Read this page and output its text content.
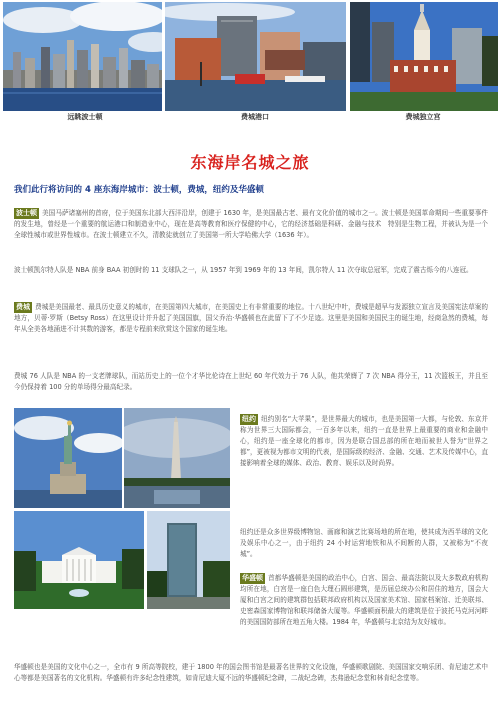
远眺波士顿	费城港口	费城独立宫
东海岸名城之旅
我们此行将访问的 4 座东海岸城市：波士顿，费城，纽约及华盛顿

波士顿 美国马萨诸塞州的首府，位于美国东北部大西洋沿岸，创建于 1630 年，是美国最古老、最有文化价值的城市之一。波士顿是美国革命期间一些重要事件的发生地，曾经是一个重要的航运港口和制造业中心，现在是高等教育和医疗保健的中心，它的经济基础是科研、金融与技术　特别是生物工程，并被认为是一个全球性城市或世界性城市。在波士顿建立不久，清教徒就创立了美国第一所大学哈佛大学（1636 年）。

波士顿凯尔特人队是 NBA 前身 BAA 初创时的 11 支球队之一，从 1957 年到 1969 年的 13 年间，凯尔特人 11 次夺取总冠军，完成了震古烁今的八连冠。

费城 费城是美国最老、最具历史意义的城市，在美国第四大城市，在美国史上有非常重要的地位。十八世纪中叶，费城是超早与发源独立宣言及美国宪法草案的地方，贝蒂·罗斯（Betsy Ross）在这里设计并升起了美国国旗，国父乔治·华盛顿也在此留下了不少足迹。这里是美国和美国民主的诞生地，经商急然的费城，每年从全美各地涌进不计其数的游客，都是专程前来欣赏这个国家的诞生地。

费城 76 人队是 NBA 的一支老牌球队，而站历史上的一位个才华比伦诗在上世纪 60 年代效力于 76 人队，他共荣膺了 7 次 NBA 得分王，11 次篮板王，并且至今仍保持着 100 分的单场得分最高纪录。

纽约 纽约别名“大苹果”，是世界最大的城市，也是美国第一大都，与伦敦、东京并称为世界三大国际都会，一百多年以来，纽约一直是世界上最重要的商业和金融中心，纽约是一座全球化的都市，因为是联合国总部的所在地而被世人誉为“世界之都”，更被视为都市文明的代表，是国际级的经济、金融、交通、艺术及传媒中心，直接影响着全球的媒体、政治、教育、娱乐以及时尚界。

纽约还是众多世界级博物馆、画廊和演艺比赛场地的所在地，使其成为西半球的文化及娱乐中心之一，由于纽约 24 小时运营地铁和从不间断的人群，又被称为“不夜城”。

华盛顿 首都华盛顿是美国的政治中心，白宫、国会、最高法院以及大多数政府机构均所在地，白宫是一座白色大理石圆形建筑，是历届总统办公和居住的地方，国会大厦和白宫之间的建筑群包括联邦政府机构以及国家美术馆、国家档案馆、迁美联邦、史密森国家博物馆和联邦储备大厦等。华盛顿面积最大的建筑是位于波托马克河河畔的美国国防部所在地五角大楼。1984 年，华盛顿与北京结为友好城市。

华盛顿也是美国的文化中心之一，全市有 9 所高等院校，建于 1800 年的国会图书馆是最著名世界的文化设施，华盛顿歌剧院、美国国家交响乐团、肯尼迪艺术中心等都是美国著名的文化机构。华盛顿有许多纪念性建筑，如肯尼迪大厦不远的华盛顿纪念碑，二战纪念碑，杰弗逊纪念堂和林肯纪念堂等。
